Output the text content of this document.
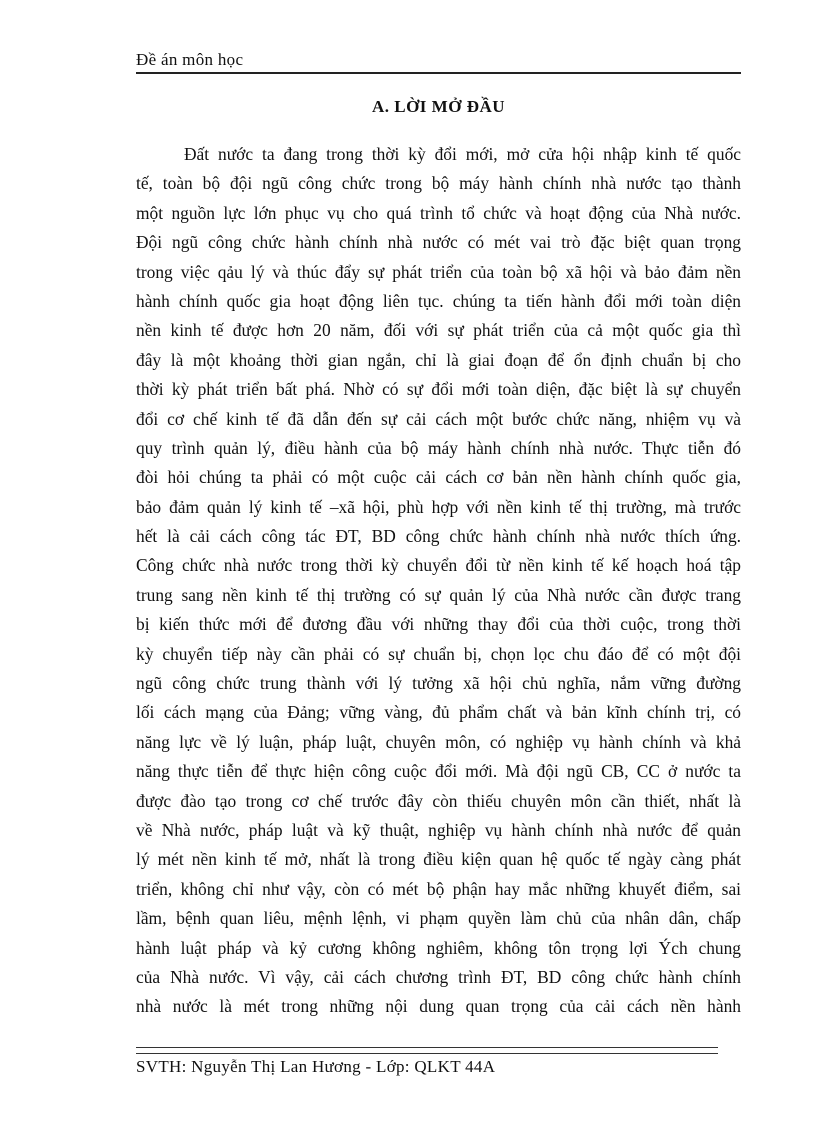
Đề án môn học
A. LỜI MỞ ĐẦU
Đất nước ta đang trong thời kỳ đổi mới, mở cửa hội nhập kinh tế quốc
tế, toàn bộ đội ngũ công chức trong bộ máy hành chính nhà nước tạo thành
một nguồn lực lớn phục vụ cho quá trình tổ chức và hoạt động của Nhà nước.
Đội ngũ công chức hành chính nhà nước có mét vai trò đặc biệt quan trọng
trong việc qảu lý và thúc đẩy sự phát triển của toàn bộ xã hội và bảo đảm nền
hành chính quốc gia hoạt động liên tục. chúng ta tiến hành đổi mới toàn diện
nền kinh tế được hơn 20 năm, đối với sự phát triển của cả một quốc gia thì
đây là một khoảng thời gian ngắn, chỉ là giai đoạn để ổn định chuẩn bị cho
thời kỳ phát triển bất phá. Nhờ có sự đổi mới toàn diện, đặc biệt là sự chuyển
đổi cơ chế kinh tế đã dẫn đến sự cải cách một bước chức năng, nhiệm vụ và
quy trình quản lý, điều hành của bộ máy hành chính nhà nước. Thực tiễn đó
đòi hỏi chúng ta phải có một cuộc cải cách cơ bản nền hành chính quốc gia,
bảo đảm quản lý kinh tế –xã hội, phù hợp với nền kinh tế thị trường, mà trước
hết là cải cách công tác ĐT, BD công chức hành chính nhà nước thích ứng.
Công chức nhà nước trong thời kỳ chuyển đổi từ nền kinh tế kế hoạch hoá tập
trung sang nền kinh tế thị trường có sự quản lý của Nhà nước cần được trang
bị kiến thức mới để đương đầu với những thay đổi của thời cuộc, trong thời
kỳ chuyển tiếp này cần phải có sự chuẩn bị, chọn lọc chu đáo để có một đội
ngũ công chức trung thành với lý tưởng xã hội chủ nghĩa, nắm vững đường
lối cách mạng của Đảng; vững vàng, đủ phẩm chất và bản kĩnh chính trị, có
năng lực về lý luận, pháp luật, chuyên môn, có nghiệp vụ hành chính và khả
năng thực tiễn để thực hiện công cuộc đổi mới. Mà đội ngũ CB, CC ở nước ta
được đào tạo trong cơ chế trước đây còn thiếu chuyên môn cần thiết, nhất là
về Nhà nước, pháp luật và kỹ thuật, nghiệp vụ hành chính nhà nước để quản
lý mét nền kinh tế mở, nhất là trong điều kiện quan hệ quốc tế ngày càng phát
triển, không chỉ như vậy, còn có mét bộ phận hay mắc những khuyết điểm, sai
lầm, bệnh quan liêu, mệnh lệnh, vi phạm quyền làm chủ của nhân dân, chấp
hành luật pháp và kỷ cương không nghiêm, không tôn trọng lợi Ých chung
của Nhà nước. Vì vậy, cải cách chương trình ĐT, BD công chức hành chính
nhà nước là mét trong những nội dung quan trọng của cải cách nền hành
SVTH: Nguyễn Thị Lan Hương - Lớp: QLKT 44A
